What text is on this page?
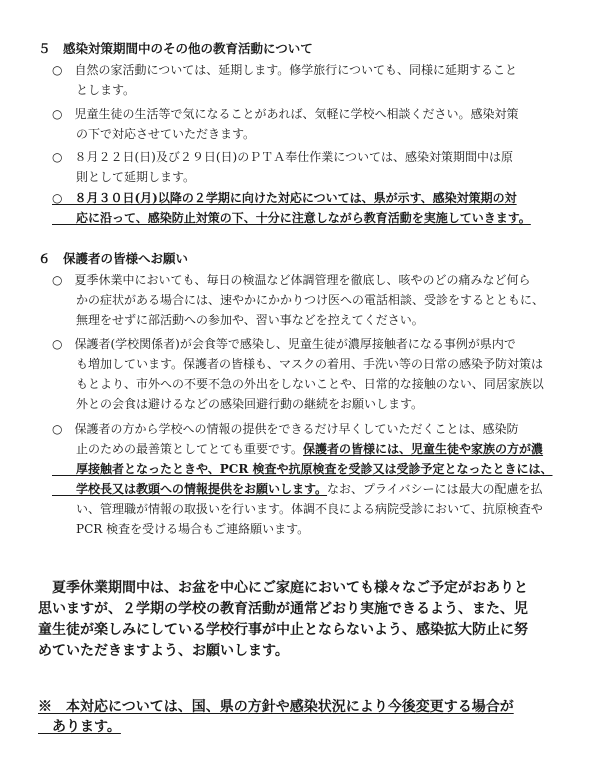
５　感染対策期間中のその他の教育活動について
○　自然の家活動については、延期します。修学旅行についても、同様に延期すること
　　とします。
○　児童生徒の生活等で気になることがあれば、気軽に学校へ相談ください。感染対策
　　の下で対応させていただきます。
○　８月２２日(日)及び２９日(日)のＰＴＡ奉仕作業については、感染対策期間中は原
　　則として延期します。
○　８月３０日(月)以降の２学期に向けた対応については、県が示す、感染対策期の対
　　応に沿って、感染防止対策の下、十分に注意しながら教育活動を実施していきます。
６　保護者の皆様へお願い
○　夏季休業中においても、毎日の検温など体調管理を徹底し、咳やのどの痛みなど何ら
　　かの症状がある場合には、速やかにかかりつけ医への電話相談、受診をするとともに、
　　無理をせずに部活動への参加や、習い事などを控えてください。
○　保護者(学校関係者)が会食等で感染し、児童生徒が濃厚接触者になる事例が県内で
　　も増加しています。保護者の皆様も、マスクの着用、手洗い等の日常の感染予防対策は
　　もとより、市外への不要不急の外出をしないことや、日常的な接触のない、同居家族以
　　外との会食は避けるなどの感染回避行動の継続をお願いします。
○　保護者の方から学校への情報の提供をできるだけ早くしていただくことは、感染防
　　止のための最善策としてとても重要です。保護者の皆様には、児童生徒や家族の方が濃
　　厚接触者となったときや、PCR 検査や抗原検査を受診又は受診予定となったときには、
　　学校長又は教頭への情報提供をお願いします。なお、プライバシーには最大の配慮を払
　　い、管理職が情報の取扱いを行います。体調不良による病院受診において、抗原検査や
　　PCR 検査を受ける場合もご連絡願います。
　夏季休業期間中は、お盆を中心にご家庭においても様々なご予定がおありと
思いますが、２学期の学校の教育活動が通常どおり実施できるよう、また、児
童生徒が楽しみにしている学校行事が中止とならないよう、感染拡大防止に努
めていただきますよう、お願いします。
※　本対応については、国、県の方針や感染状況により今後変更する場合が
　あります。
